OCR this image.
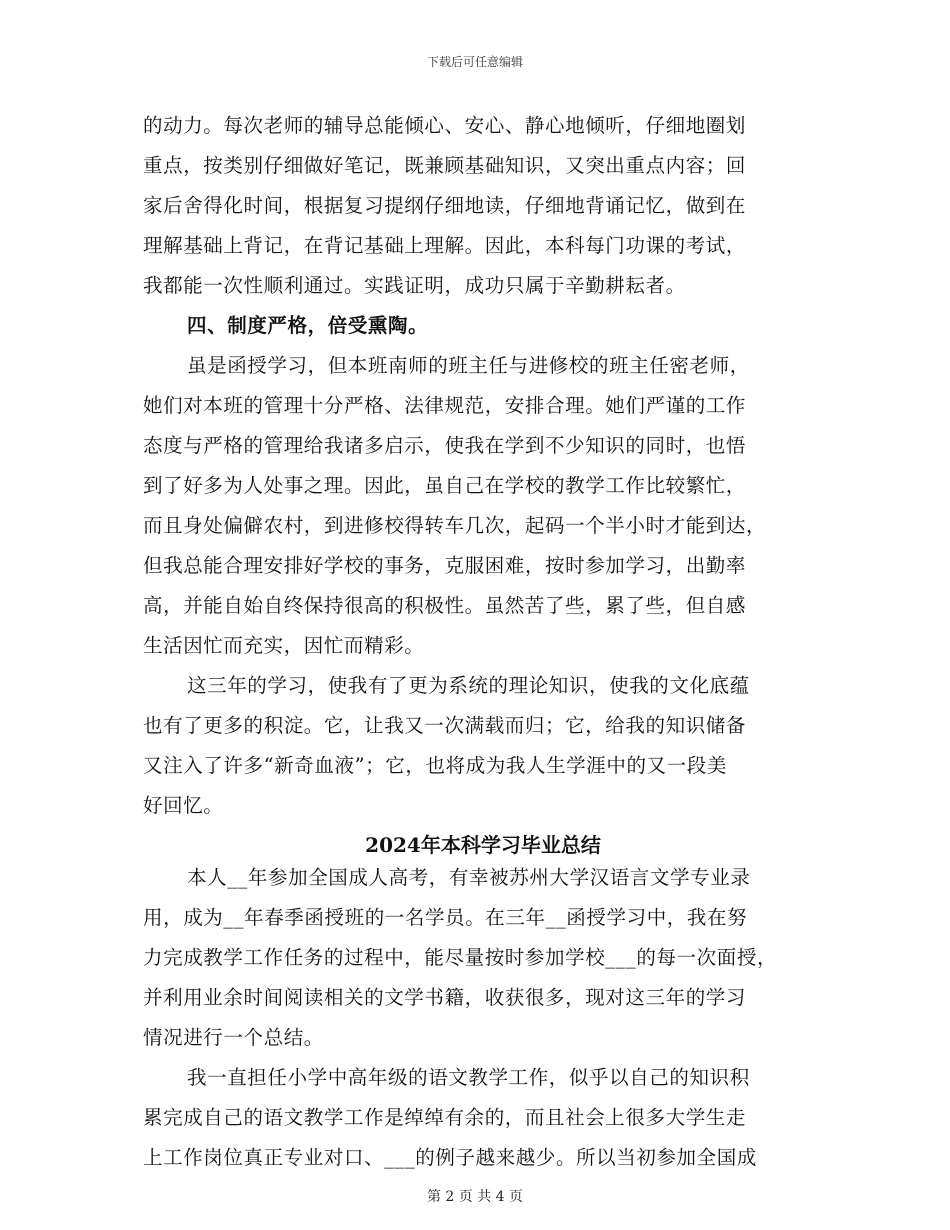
下载后可任意编辑
的动力。每次老师的辅导总能倾心、安心、静心地倾听，仔细地圈划
重点，按类别仔细做好笔记，既兼顾基础知识，又突出重点内容；回
家后舍得化时间，根据复习提纲仔细地读，仔细地背诵记忆，做到在
理解基础上背记，在背记基础上理解。因此，本科每门功课的考试，
我都能一次性顺利通过。实践证明，成功只属于辛勤耕耘者。
四、制度严格，倍受熏陶。
虽是函授学习，但本班南师的班主任与进修校的班主任密老师，
她们对本班的管理十分严格、法律规范，安排合理。她们严谨的工作
态度与严格的管理给我诸多启示，使我在学到不少知识的同时，也悟
到了好多为人处事之理。因此，虽自己在学校的教学工作比较繁忙，
而且身处偏僻农村，到进修校得转车几次，起码一个半小时才能到达，
但我总能合理安排好学校的事务，克服困难，按时参加学习，出勤率
高，并能自始自终保持很高的积极性。虽然苦了些，累了些，但自感
生活因忙而充实，因忙而精彩。
这三年的学习，使我有了更为系统的理论知识，使我的文化底蕴
也有了更多的积淀。它，让我又一次满载而归；它，给我的知识储备
又注入了许多“新奇血液”；它，也将成为我人生学涯中的又一段美
好回忆。
2024年本科学习毕业总结
本人__年参加全国成人高考，有幸被苏州大学汉语言文学专业录
用，成为__年春季函授班的一名学员。在三年__函授学习中，我在努
力完成教学工作任务的过程中，能尽量按时参加学校___的每一次面授，
并利用业余时间阅读相关的文学书籍，收获很多，现对这三年的学习
情况进行一个总结。
我一直担任小学中高年级的语文教学工作，似乎以自己的知识积
累完成自己的语文教学工作是绰绰有余的，而且社会上很多大学生走
上工作岗位真正专业对口、___的例子越来越少。所以当初参加全国成
第 2 页 共 4 页
